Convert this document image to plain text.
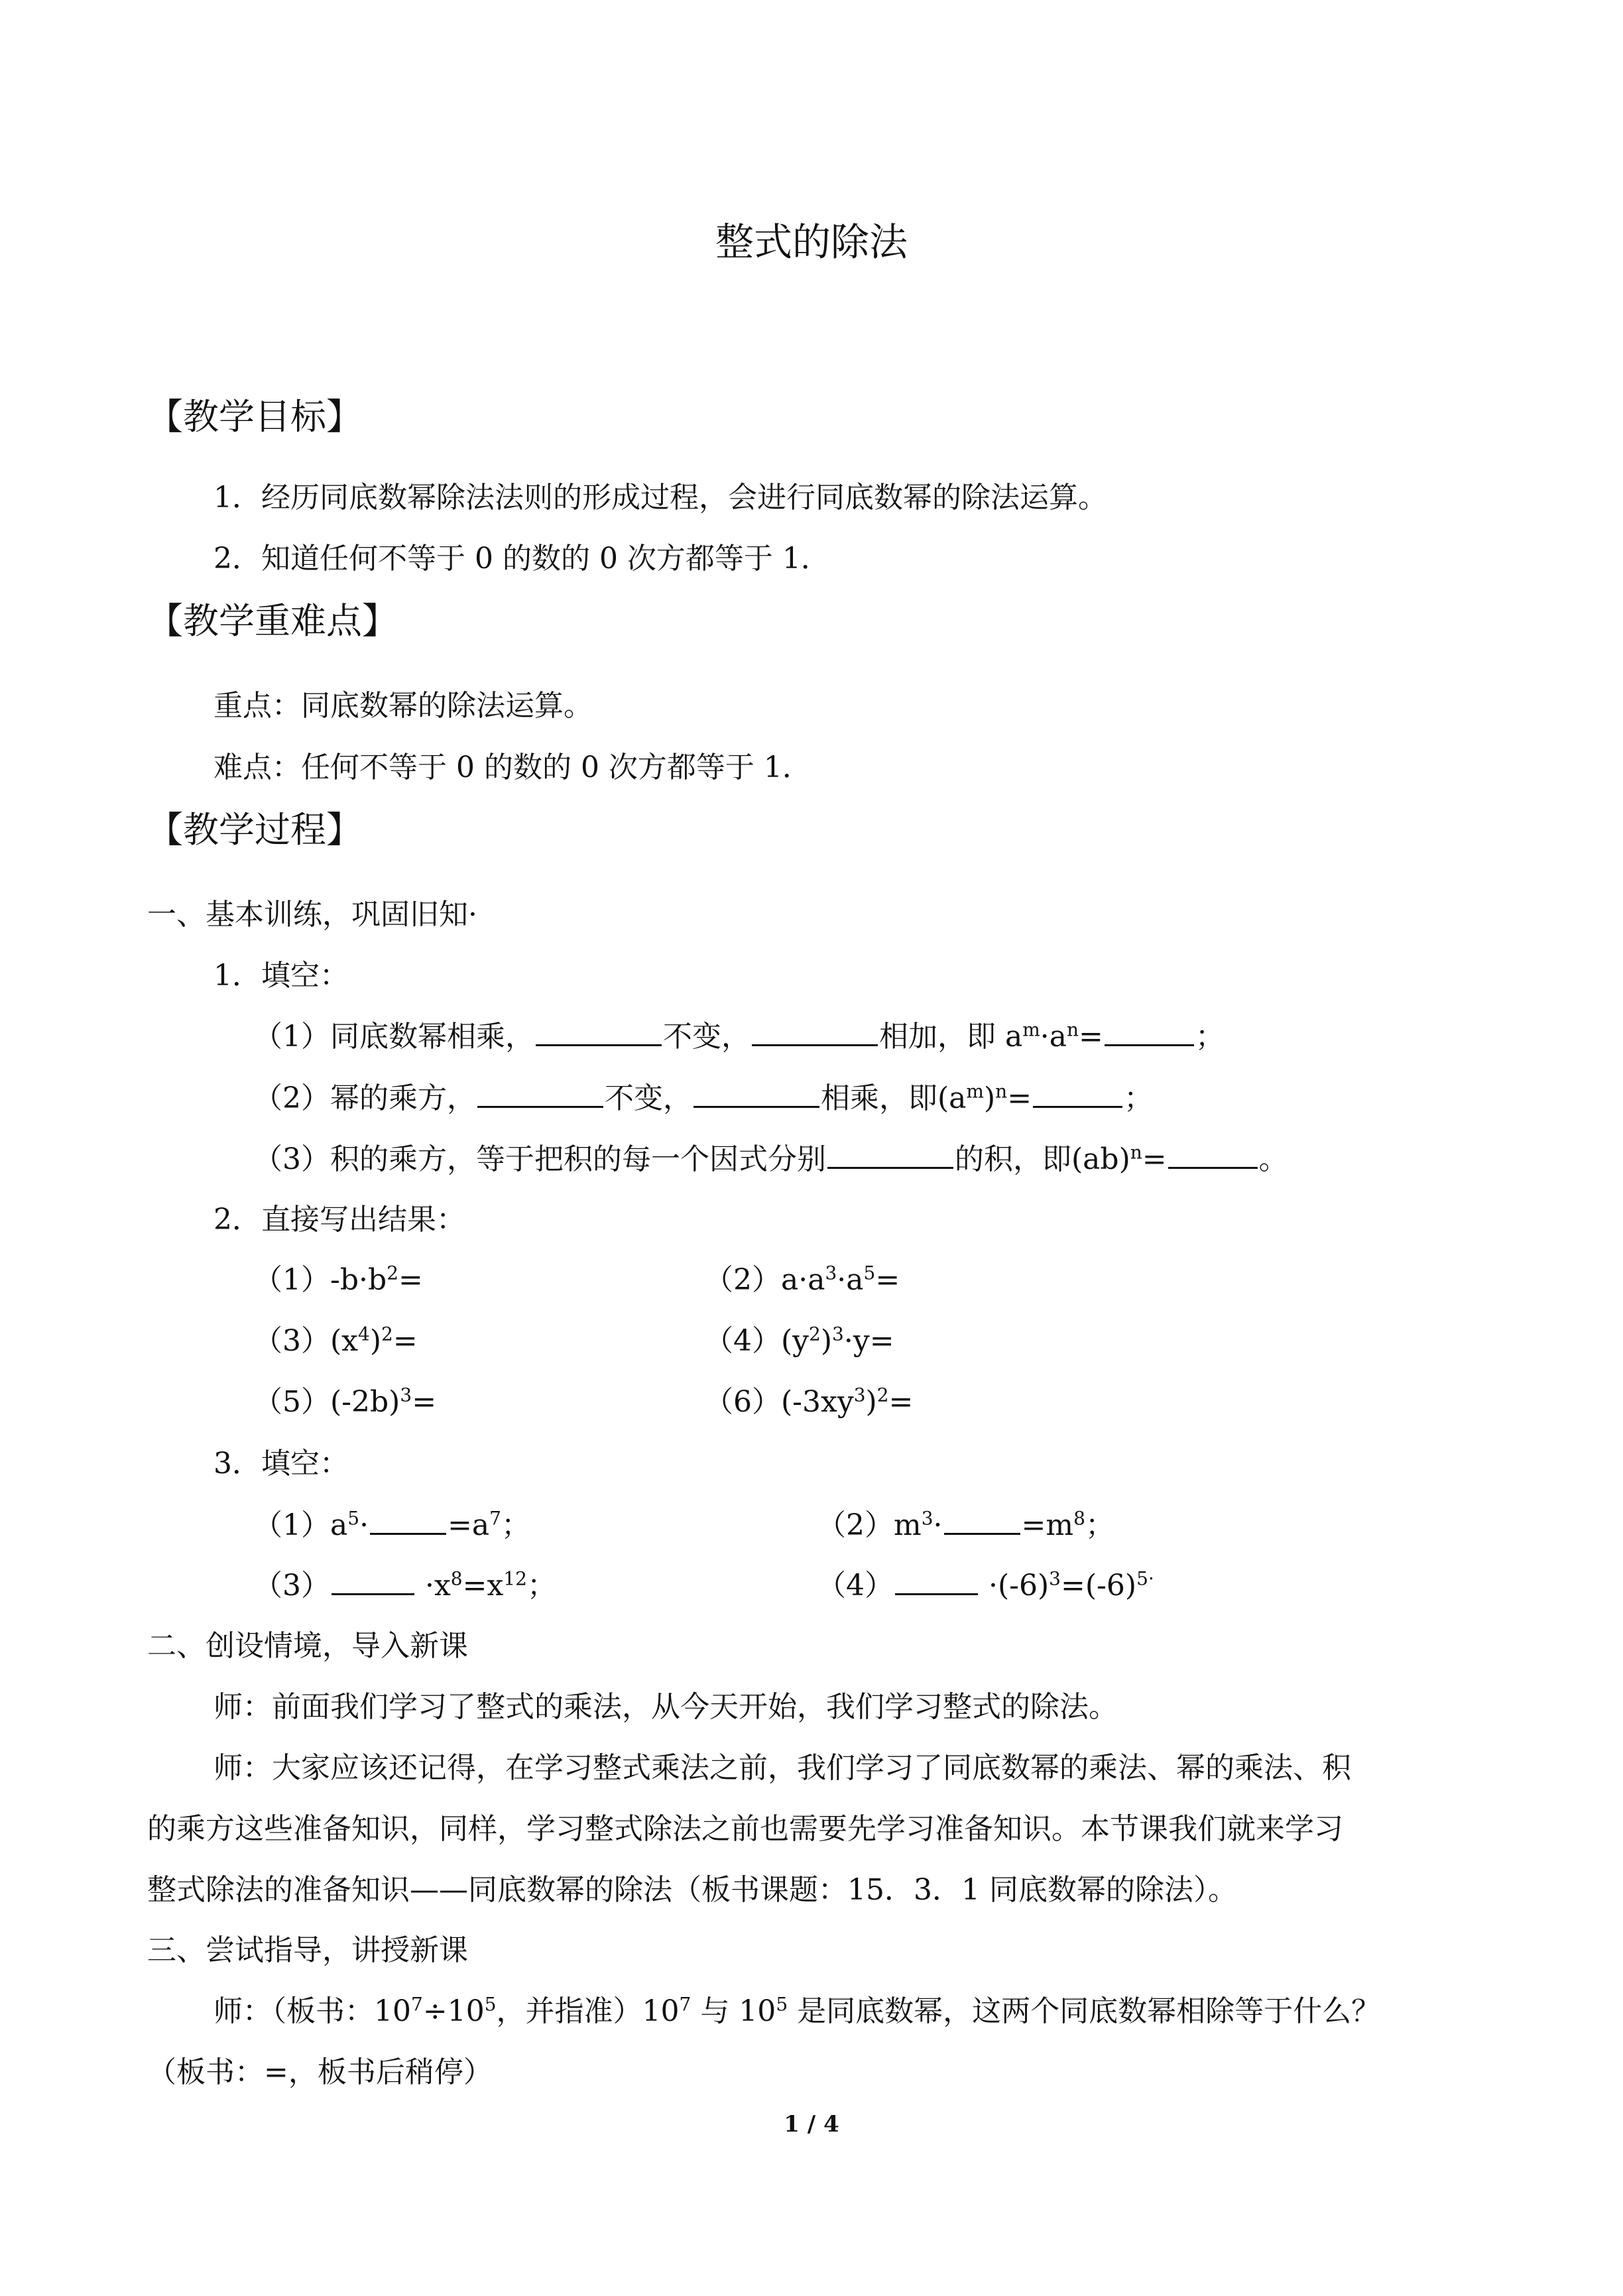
整式的除法
【教学目标】
1．经历同底数幂除法法则的形成过程，会进行同底数幂的除法运算。
2．知道任何不等于 0 的数的 0 次方都等于 1．
【教学重难点】
重点：同底数幂的除法运算。
难点：任何不等于 0 的数的 0 次方都等于 1．
【教学过程】
一、基本训练，巩固旧知·
1．填空：
（1）同底数幂相乘，	不变，	相加，即 $a^m\cdot a^n=$	；
（2）幂的乘方，	不变，	相乘，即$(a^m)^n=$	；
（3）积的乘方，等于把积的每一个因式分别	的积，即(ab)$^n$=	。
2．直接写出结果：
$(1)-b\cdot b^2=$	$(2)a\cdot a^3\cdot a^5=$
$(3)(x^4)^2=$	$(4)(y^2)^3\cdot y=$
$(5)(-2b)^3=$	$(6)(-3xy^3)^2=$
3．填空：
$(1)a^5\cdot$	$=a^7$；	$(2)m^3\cdot$	$=m^8$；
（3）	$\cdot x^8=x^{12}$；	（4）	$\cdot(-6)^3=(-6)^{5\cdot}$
二、创设情境，导入新课
师：前面我们学习了整式的乘法，从今天开始，我们学习整式的除法。
师：大家应该还记得，在学习整式乘法之前，我们学习了同底数幂的乘法、幂的乘法、积
的乘方这些准备知识，同样，学习整式除法之前也需要先学习准备知识。本节课我们就来学习
整式除法的准备知识——同底数幂的除法（板书课题：15．3．1 同底数幂的除法）。
三、尝试指导，讲授新课
师：（板书：$10^7\div 10^5$，并指准）$10^7$ 与 $10^5$ 是同底数幂，这两个同底数幂相除等于什么？
（板书：=，板书后稍停）
1 / 4
